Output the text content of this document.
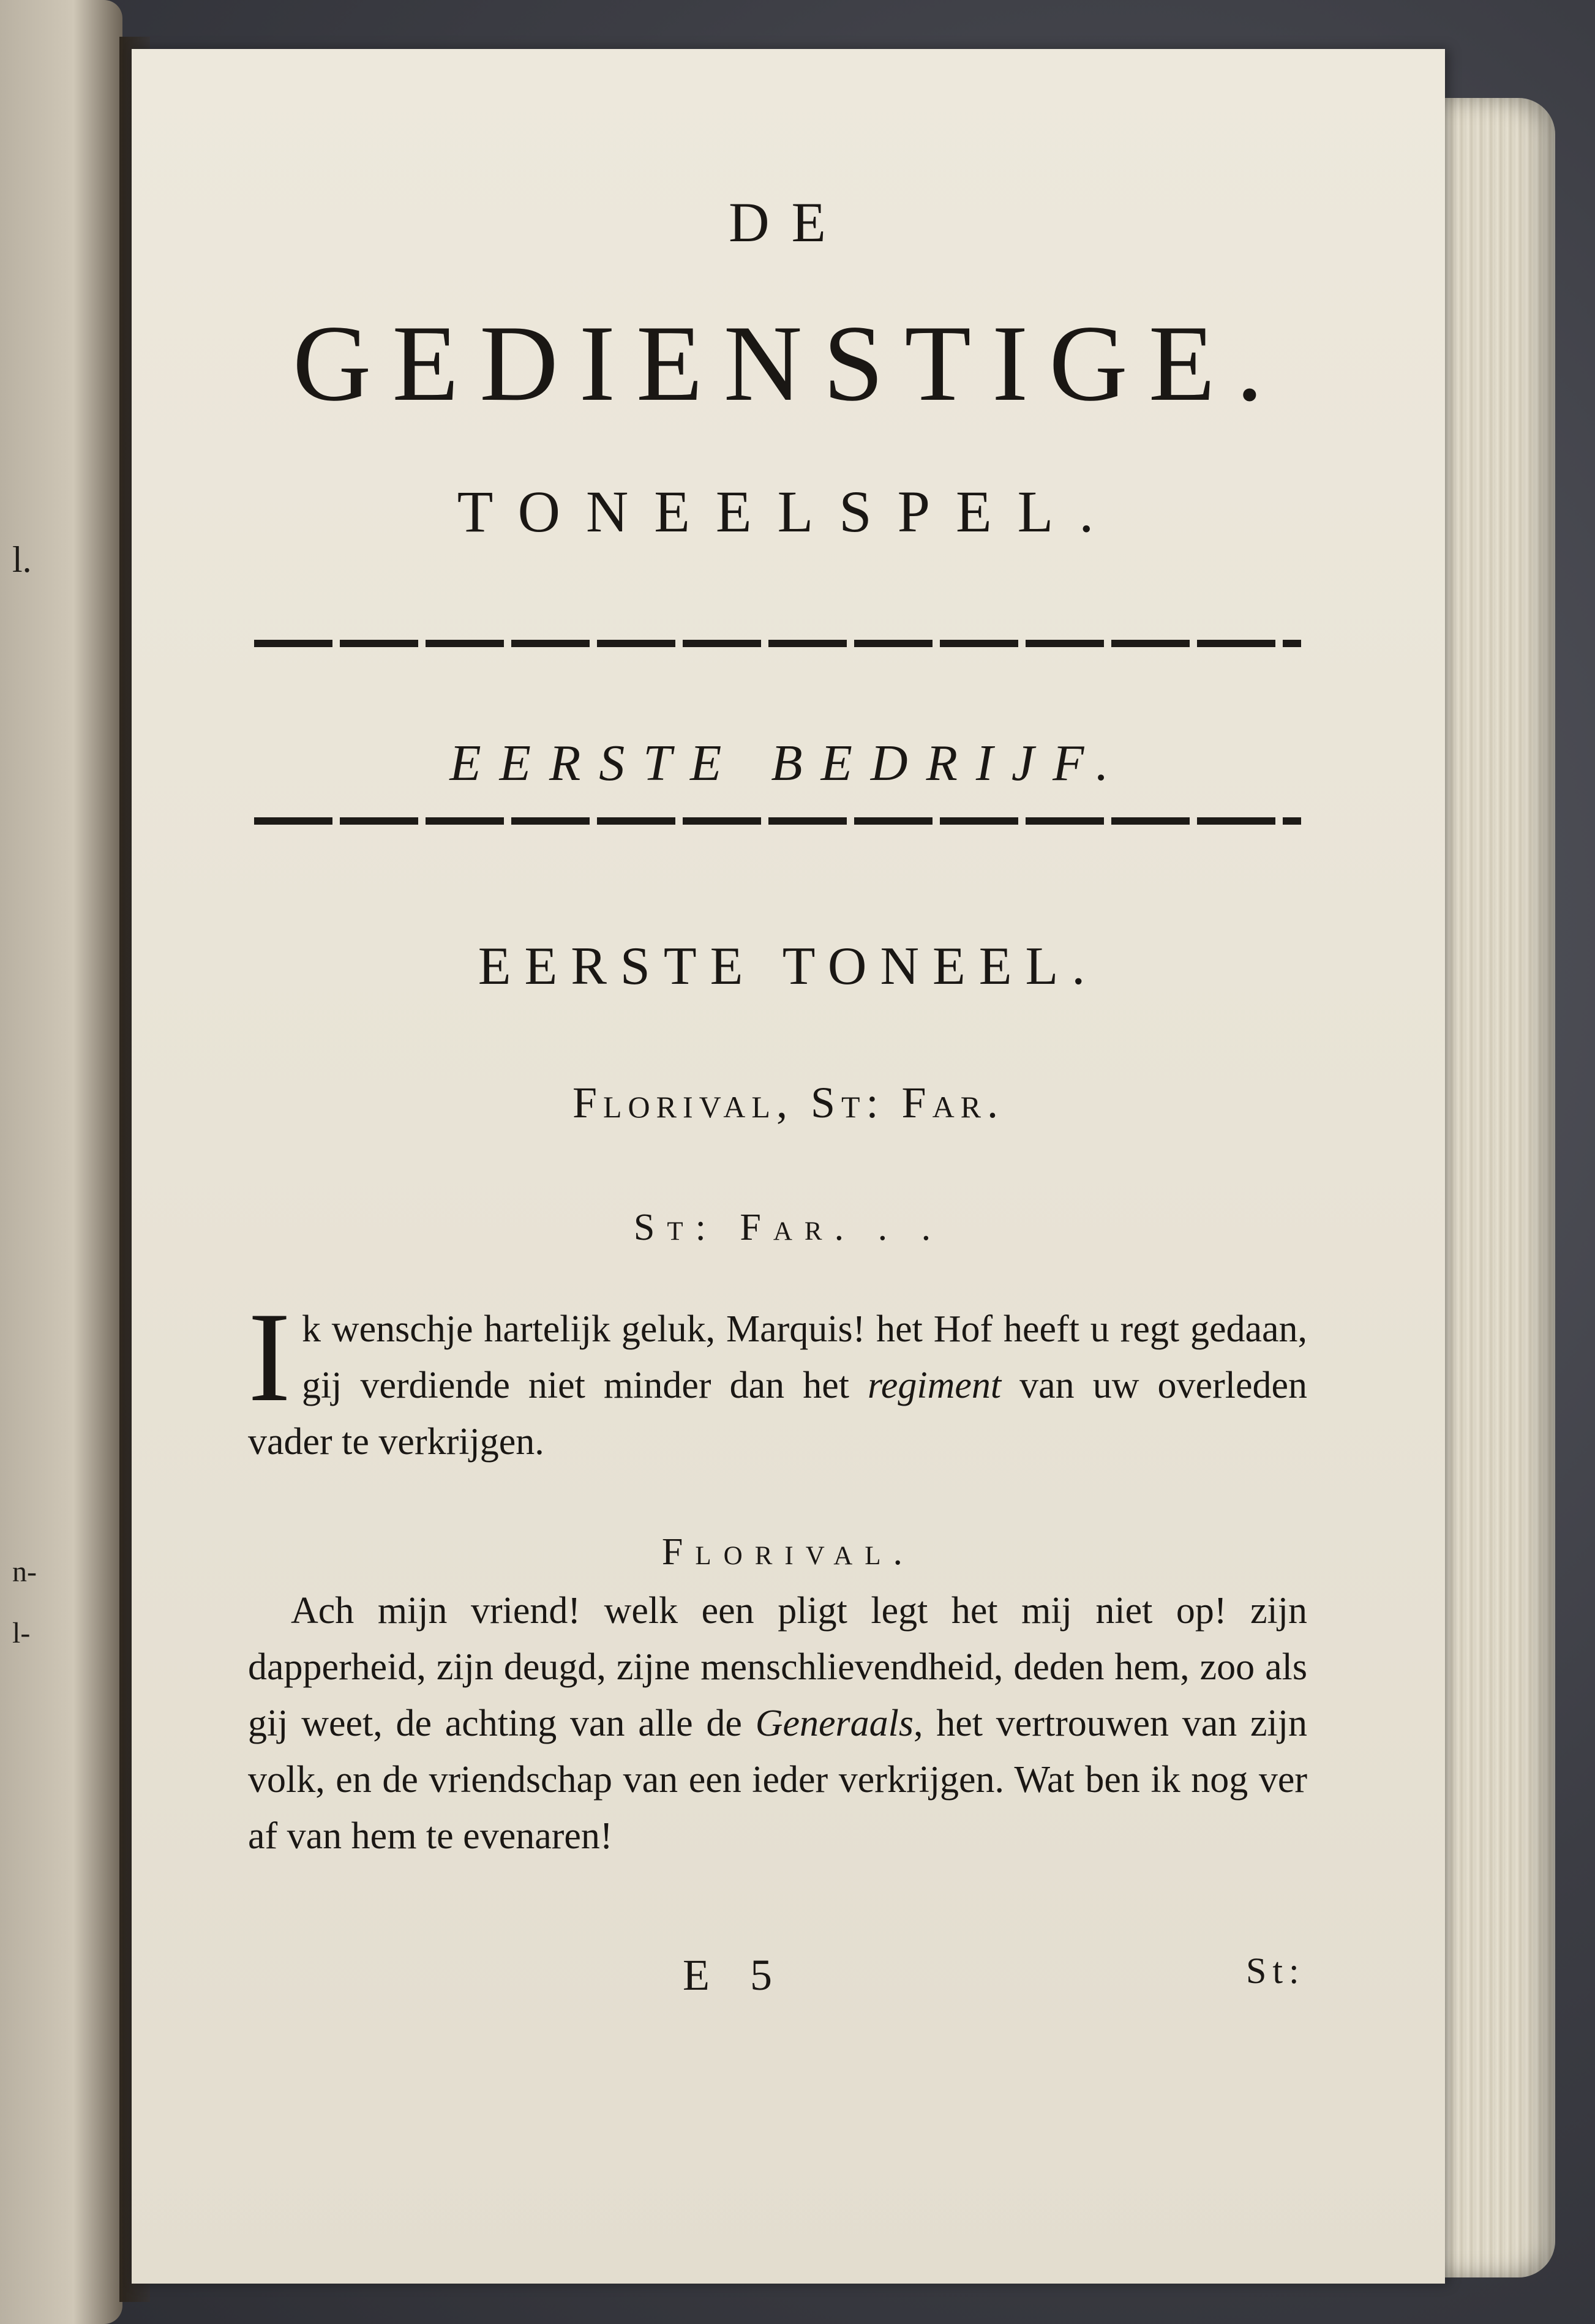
l.
n-
l-
DE
GEDIENSTIGE.
TONEELSPEL.
EERSTE BEDRIJF.
EERSTE TONEEL.
Florival, St: Far.
St: Far. . .
Ik wenschje hartelijk geluk, Marquis! het Hof heeft u regt gedaan, gij verdiende niet minder dan het regiment van uw overleden vader te verkrijgen.
Florival.
Ach mijn vriend! welk een pligt legt het mij niet op! zijn dapperheid, zijn deugd, zijne menschlievendheid, deden hem, zoo als gij weet, de achting van alle de Generaals, het vertrouwen van zijn volk, en de vriendschap van een ieder verkrijgen. Wat ben ik nog ver af van hem te evenaren!
E 5	St:
